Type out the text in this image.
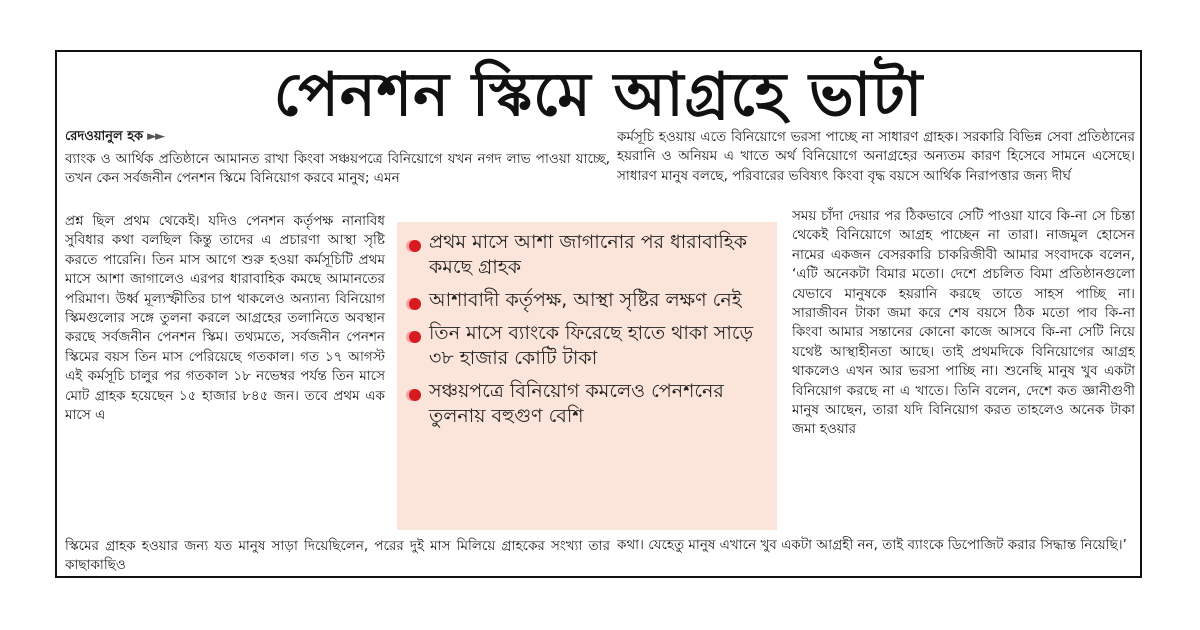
পেনশন স্কিমে আগ্রহে ভাটা
রেদওয়ানুল হক ►►

ব্যাংক ও আর্থিক প্রতিষ্ঠানে আমানত রাখা কিংবা সঞ্চয়পত্রে বিনিয়োগে যখন নগদ লাভ পাওয়া যাচ্ছে, তখন কেন সর্বজনীন পেনশন স্কিমে বিনিয়োগ করবে মানুষ; এমন

প্রশ্ন ছিল প্রথম থেকেই। যদিও পেনশন কর্তৃপক্ষ নানাবিধ সুবিধার কথা বলছিল কিন্তু তাদের এ প্রচারণা আস্থা সৃষ্টি করতে পারেনি। তিন মাস আগে শুরু হওয়া কর্মসূচিটি প্রথম মাসে আশা জাগালেও এরপর ধারাবাহিক কমছে আমানতের পরিমাণ। উর্ধ্ব মূল্যস্ফীতির চাপ থাকলেও অন্যান্য বিনিয়োগ স্কিমগুলোর সঙ্গে তুলনা করলে আগ্রহের তলানিতে অবস্থান করছে সর্বজনীন পেনশন স্কিম। তথ্যমতে, সর্বজনীন পেনশন স্কিমের বয়স তিন মাস পেরিয়েছে গতকাল। গত ১৭ আগস্ট এই কর্মসূচি চালুর পর গতকাল ১৮ নভেম্বর পর্যন্ত তিন মাসে মোট গ্রাহক হয়েছেন ১৫ হাজার ৮৪৫ জন। তবে প্রথম এক মাসে এ

স্কিমের গ্রাহক হওয়ার জন্য যত মানুষ সাড়া দিয়েছিলেন, পরের দুই মাস মিলিয়ে গ্রাহকের সংখ্যা তার কাছাকাছিও

কর্মসূচি হওয়ায় এতে বিনিয়োগে ভরসা পাচ্ছে না সাধারণ গ্রাহক। সরকারি বিভিন্ন সেবা প্রতিষ্ঠানের হয়রানি ও অনিয়ম এ খাতে অর্থ বিনিয়োগে অনাগ্রহের অন্যতম কারণ হিসেবে সামনে এসেছে। সাধারণ মানুষ বলছে, পরিবারের ভবিষ্যৎ কিংবা বৃদ্ধ বয়সে আর্থিক নিরাপত্তার জন্য দীর্ঘ

সময় চাঁদা দেয়ার পর ঠিকভাবে সেটি পাওয়া যাবে কি-না সে চিন্তা থেকেই বিনিয়োগে আগ্রহ পাচ্ছেন না তারা। নাজমুল হোসেন নামের একজন বেসরকারি চাকরিজীবী আমার সংবাদকে বলেন, ‘এটি অনেকটা বিমার মতো। দেশে প্রচলিত বিমা প্রতিষ্ঠানগুলো যেভাবে মানুষকে হয়রানি করছে তাতে সাহস পাচ্ছি না। সারাজীবন টাকা জমা করে শেষ বয়সে ঠিক মতো পাব কি-না কিংবা আমার সন্তানের কোনো কাজে আসবে কি-না সেটি নিয়ে যথেষ্ট আস্থাহীনতা আছে। তাই প্রথমদিকে বিনিয়োগের আগ্রহ থাকলেও এখন আর ভরসা পাচ্ছি না। শুনেছি মানুষ খুব একটা বিনিয়োগ করছে না এ খাতে। তিনি বলেন, দেশে কত জ্ঞানীগুণী মানুষ আছেন, তারা যদি বিনিয়োগ করত তাহলেও অনেক টাকা জমা হওয়ার

কথা। যেহেতু মানুষ এখানে খুব একটা আগ্রহী নন, তাই ব্যাংকে ডিপোজিট করার সিদ্ধান্ত নিয়েছি।’

প্রথম মাসে আশা জাগানোর পর ধারাবাহিক কমছে গ্রাহক
আশাবাদী কর্তৃপক্ষ, আস্থা সৃষ্টির লক্ষণ নেই
তিন মাসে ব্যাংকে ফিরেছে হাতে থাকা সাড়ে ৩৮ হাজার কোটি টাকা
সঞ্চয়পত্রে বিনিয়োগ কমলেও পেনশনের তুলনায় বহুগুণ বেশি
